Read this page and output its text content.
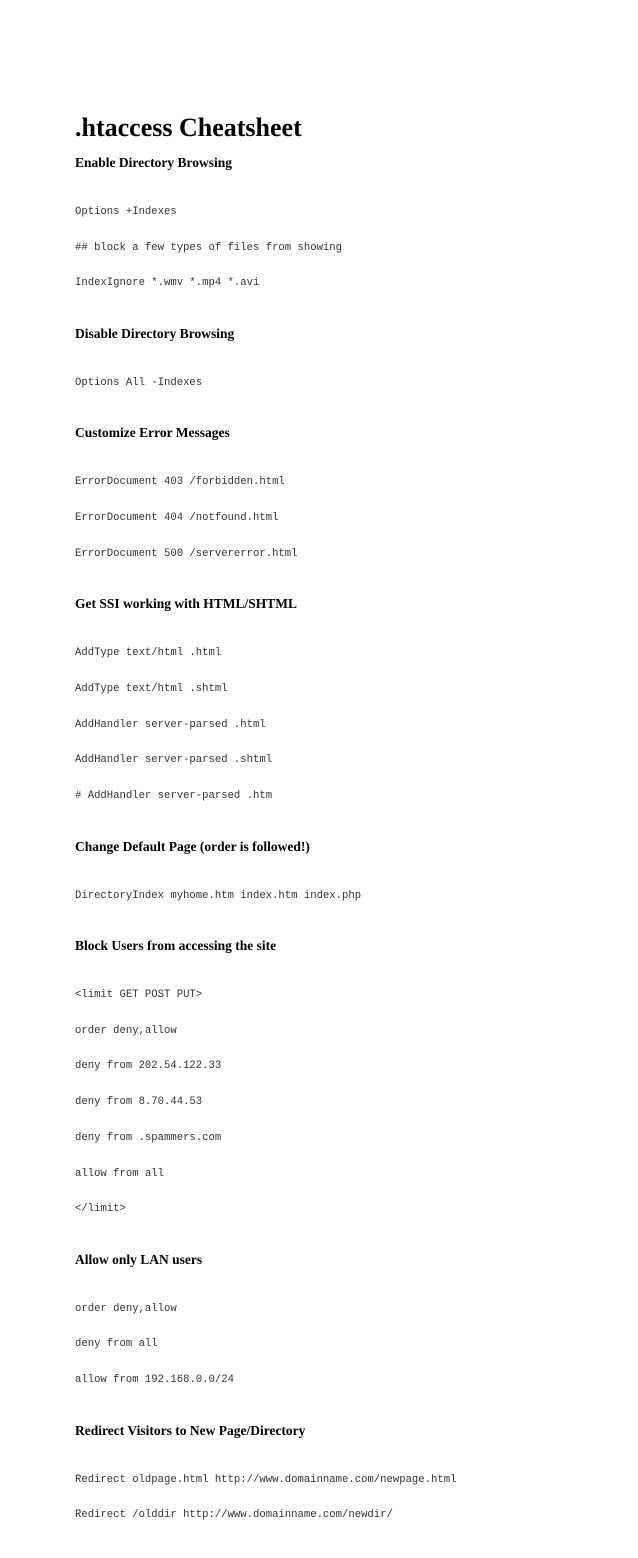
.htaccess Cheatsheet
Enable Directory Browsing

Options +Indexes

## block a few types of files from showing

IndexIgnore *.wmv *.mp4 *.avi

Disable Directory Browsing

Options All -Indexes

Customize Error Messages

ErrorDocument 403 /forbidden.html

ErrorDocument 404 /notfound.html

ErrorDocument 500 /servererror.html

Get SSI working with HTML/SHTML

AddType text/html .html

AddType text/html .shtml

AddHandler server-parsed .html

AddHandler server-parsed .shtml

# AddHandler server-parsed .htm

Change Default Page (order is followed!)

DirectoryIndex myhome.htm index.htm index.php

Block Users from accessing the site

<limit GET POST PUT>

order deny,allow

deny from 202.54.122.33

deny from 8.70.44.53

deny from .spammers.com

allow from all

</limit>

Allow only LAN users

order deny,allow

deny from all

allow from 192.168.0.0/24

Redirect Visitors to New Page/Directory

Redirect oldpage.html http://www.domainname.com/newpage.html

Redirect /olddir http://www.domainname.com/newdir/
